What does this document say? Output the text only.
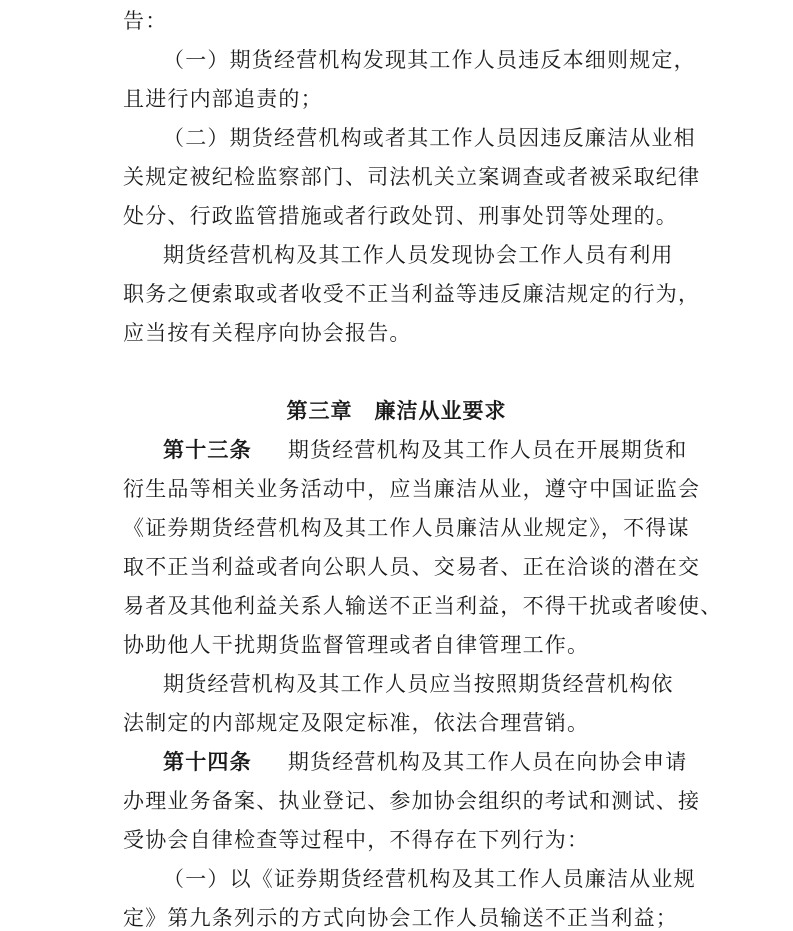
告：
（一）期货经营机构发现其工作人员违反本细则规定，
且进行内部追责的；
（二）期货经营机构或者其工作人员因违反廉洁从业相
关规定被纪检监察部门、司法机关立案调查或者被采取纪律
处分、行政监管措施或者行政处罚、刑事处罚等处理的。
期货经营机构及其工作人员发现协会工作人员有利用
职务之便索取或者收受不正当利益等违反廉洁规定的行为，
应当按有关程序向协会报告。
第三章　廉洁从业要求
第十三条 期货经营机构及其工作人员在开展期货和
衍生品等相关业务活动中，应当廉洁从业，遵守中国证监会
《证券期货经营机构及其工作人员廉洁从业规定》，不得谋
取不正当利益或者向公职人员、交易者、正在洽谈的潜在交
易者及其他利益关系人输送不正当利益，不得干扰或者唆使、
协助他人干扰期货监督管理或者自律管理工作。
期货经营机构及其工作人员应当按照期货经营机构依
法制定的内部规定及限定标准，依法合理营销。
第十四条 期货经营机构及其工作人员在向协会申请
办理业务备案、执业登记、参加协会组织的考试和测试、接
受协会自律检查等过程中，不得存在下列行为：
（一）以《证券期货经营机构及其工作人员廉洁从业规
定》第九条列示的方式向协会工作人员输送不正当利益；
